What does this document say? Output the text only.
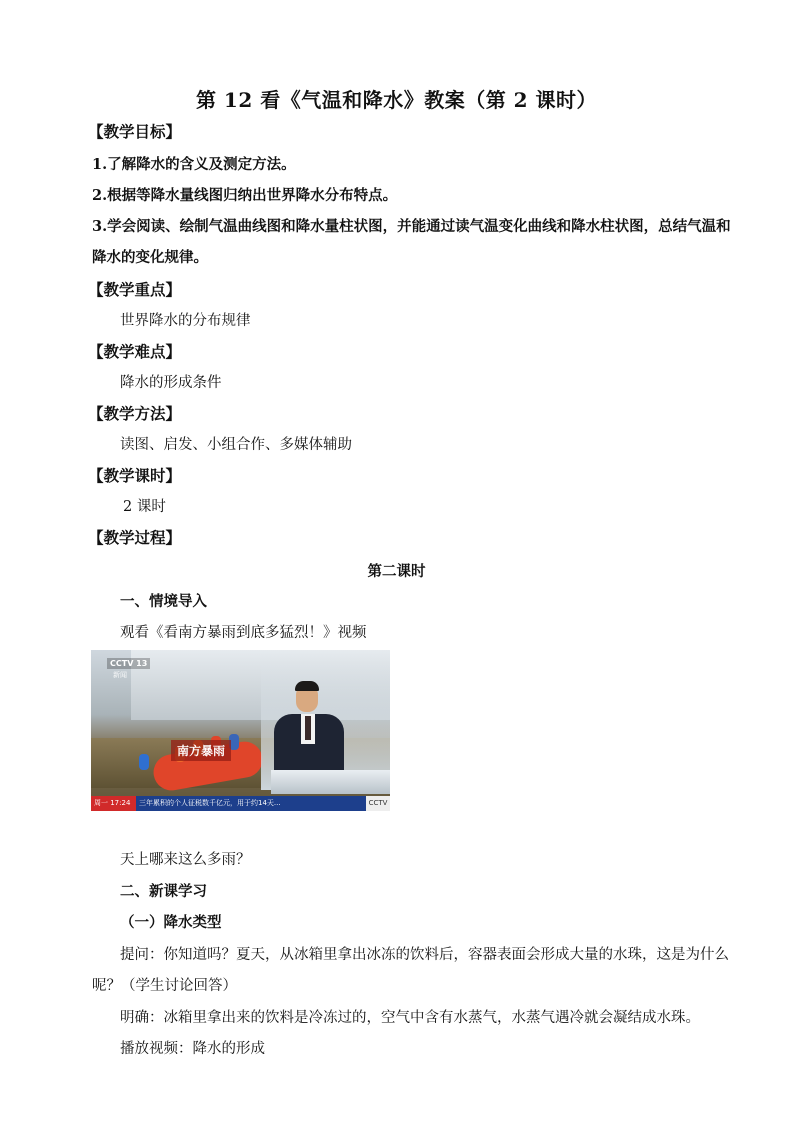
第 12 看《气温和降水》教案（第 2 课时）
【教学目标】
1.了解降水的含义及测定方法。
2.根据等降水量线图归纳出世界降水分布特点。
3.学会阅读、绘制气温曲线图和降水量柱状图，并能通过读气温变化曲线和降水柱状图，总结气温和
降水的变化规律。
【教学重点】
世界降水的分布规律
【教学难点】
降水的形成条件
【教学方法】
读图、启发、小组合作、多媒体辅助
【教学课时】
2 课时
【教学过程】
第二课时
一、情境导入
观看《看南方暴雨到底多猛烈！》视频
CCTV 13
新闻
南方暴雨
周一 17:24	三年累积的个人征税数千亿元，用于约14天...	CCTV
天上哪来这么多雨？
二、新课学习
（一）降水类型
提问：你知道吗？夏天，从冰箱里拿出冰冻的饮料后，容器表面会形成大量的水珠，这是为什么
呢？（学生讨论回答）
明确：冰箱里拿出来的饮料是冷冻过的，空气中含有水蒸气，水蒸气遇冷就会凝结成水珠。
播放视频：降水的形成
